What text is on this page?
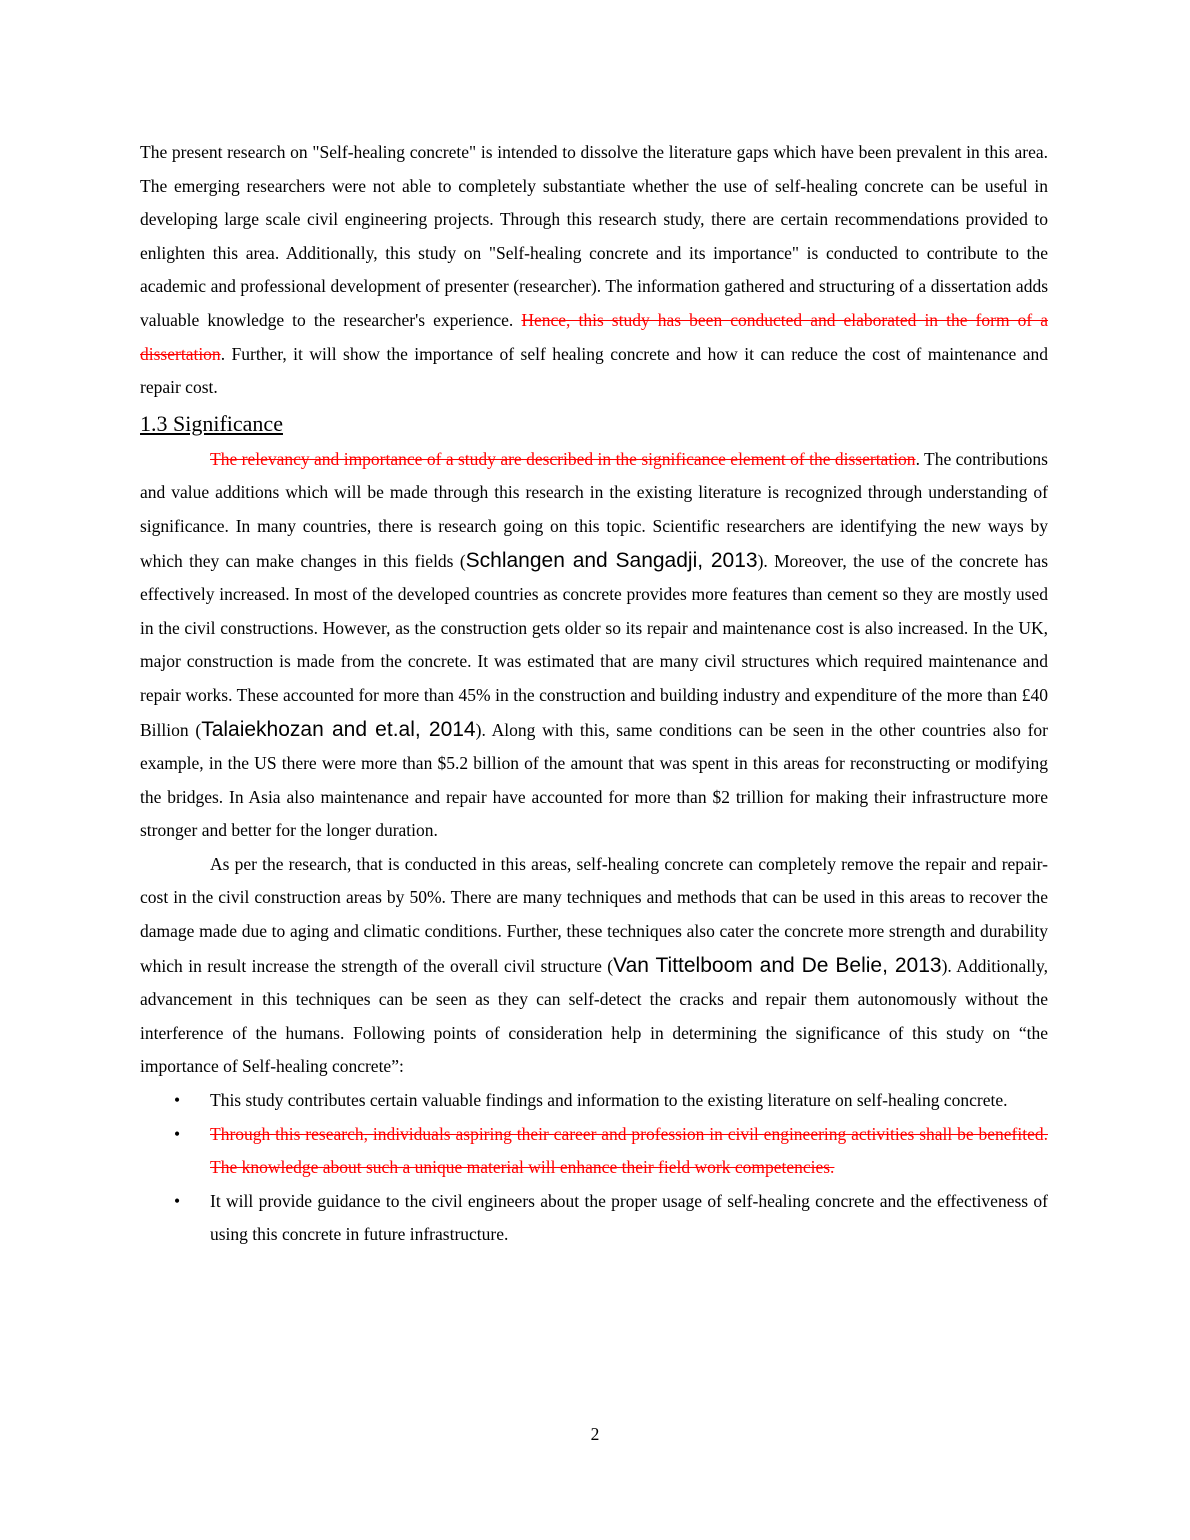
The present research on "Self-healing concrete" is intended to dissolve the literature gaps which have been prevalent in this area. The emerging researchers were not able to completely substantiate whether the use of self-healing concrete can be useful in developing large scale civil engineering projects. Through this research study, there are certain recommendations provided to enlighten this area. Additionally, this study on "Self-healing concrete and its importance" is conducted to contribute to the academic and professional development of presenter (researcher). The information gathered and structuring of a dissertation adds valuable knowledge to the researcher's experience. Hence, this study has been conducted and elaborated in the form of a dissertation. Further, it will show the importance of self healing concrete and how it can reduce the cost of maintenance and repair cost.

1.3 Significance

The relevancy and importance of a study are described in the significance element of the dissertation. The contributions and value additions which will be made through this research in the existing literature is recognized through understanding of significance. In many countries, there is research going on this topic. Scientific researchers are identifying the new ways by which they can make changes in this fields (Schlangen and Sangadji, 2013). Moreover, the use of the concrete has effectively increased. In most of the developed countries as concrete provides more features than cement so they are mostly used in the civil constructions. However, as the construction gets older so its repair and maintenance cost is also increased. In the UK, major construction is made from the concrete. It was estimated that are many civil structures which required maintenance and repair works. These accounted for more than 45% in the construction and building industry and expenditure of the more than £40 Billion (Talaiekhozan and et.al, 2014). Along with this, same conditions can be seen in the other countries also for example, in the US there were more than $5.2 billion of the amount that was spent in this areas for reconstructing or modifying the bridges. In Asia also maintenance and repair have accounted for more than $2 trillion for making their infrastructure more stronger and better for the longer duration.

As per the research, that is conducted in this areas, self-healing concrete can completely remove the repair and repair-cost in the civil construction areas by 50%. There are many techniques and methods that can be used in this areas to recover the damage made due to aging and climatic conditions. Further, these techniques also cater the concrete more strength and durability which in result increase the strength of the overall civil structure (Van Tittelboom and De Belie, 2013). Additionally, advancement in this techniques can be seen as they can self-detect the cracks and repair them autonomously without the interference of the humans. Following points of consideration help in determining the significance of this study on “the importance of Self-healing concrete”:

• This study contributes certain valuable findings and information to the existing literature on self-healing concrete.
• Through this research, individuals aspiring their career and profession in civil engineering activities shall be benefited. The knowledge about such a unique material will enhance their field work competencies.
• It will provide guidance to the civil engineers about the proper usage of self-healing concrete and the effectiveness of using this concrete in future infrastructure.
2
